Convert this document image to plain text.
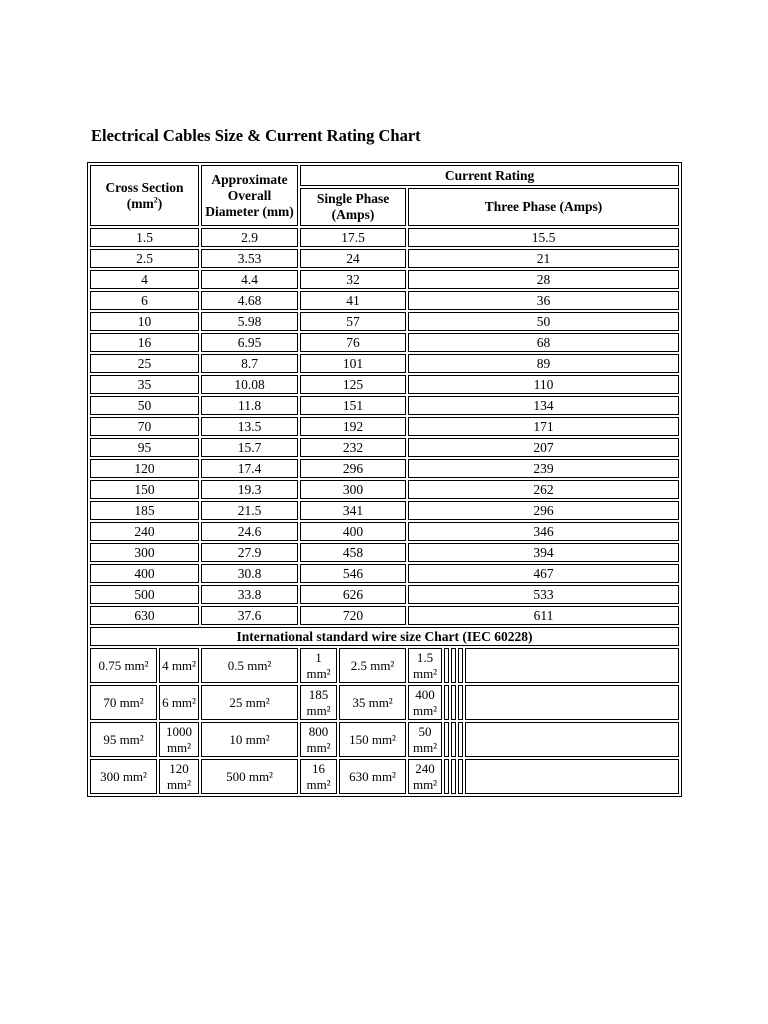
Electrical Cables Size & Current Rating Chart
Cross Section
$(mm^2)$		Approximate Overall Diameter (mm)	Current Rating						
			Single Phase (Amps)		Three Phase (Amps)				
1.5		2.9	17.5		15.5				
2.5		3.53	24		21				
4		4.4	32		28				
6		4.68	41		36				
10		5.98	57		50				
16		6.95	76		68				
25		8.7	101		89				
35		10.08	125		110				
50		11.8	151		134				
70		13.5	192		171				
95		15.7	232		207				
120		17.4	296		239				
150		19.3	300		262				
185		21.5	341		296				
240		24.6	400		346				
300		27.9	458		394				
400		30.8	546		467				
500		33.8	626		533				
630		37.6	720		611				
International standard wire size Chart (IEC 60228)									
0.75 mm²	4 mm²	0.5 mm²	1 mm²	2.5 mm²	1.5 mm²				
70 mm²	6 mm²	25 mm²	185 mm²	35 mm²	400 mm²				
95 mm²	1000 mm²	10 mm²	800 mm²	150 mm²	50 mm²				
300 mm²	120 mm²	500 mm²	16 mm²	630 mm²	240 mm²				
